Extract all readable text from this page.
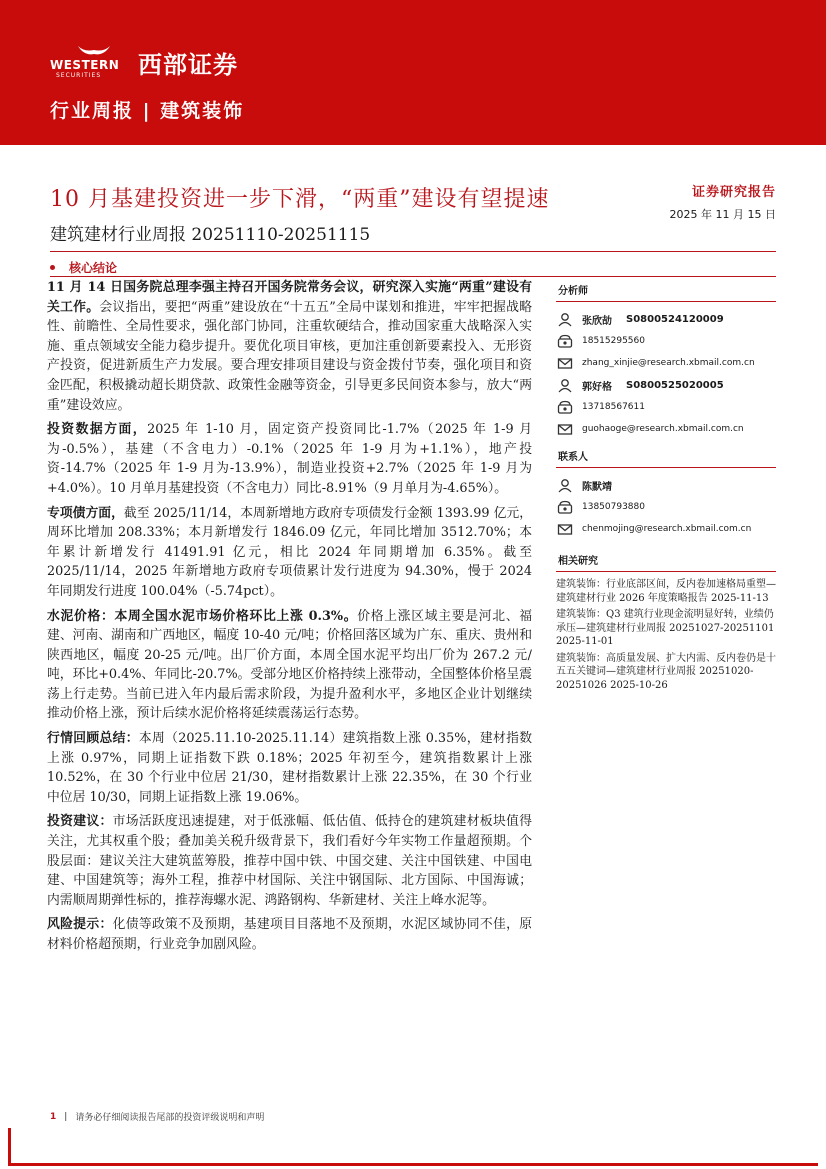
WESTERN
SECURITIES 西部证券
行业周报 | 建筑装饰
10 月基建投资进一步下滑，“两重”建设有望提速
建筑建材行业周报 20251110-20251115
证券研究报告
2025 年 11 月 15 日
核心结论

11 月 14 日国务院总理李强主持召开国务院常务会议，研究深入实施“两重”建设有关工作。会议指出，要把“两重”建设放在“十五五”全局中谋划和推进，牢牢把握战略性、前瞻性、全局性要求，强化部门协同，注重软硬结合，推动国家重大战略深入实施、重点领域安全能力稳步提升。要优化项目审核，更加注重创新要素投入、无形资产投资，促进新质生产力发展。要合理安排项目建设与资金拨付节奏，强化项目和资金匹配，积极撬动超长期贷款、政策性金融等资金，引导更多民间资本参与，放大“两重”建设效应。

投资数据方面，2025 年 1-10 月，固定资产投资同比-1.7%（2025 年 1-9 月为-0.5%），基建（不含电力）-0.1%（2025 年 1-9 月为+1.1%），地产投资-14.7%（2025 年 1-9 月为-13.9%），制造业投资+2.7%（2025 年 1-9 月为+4.0%）。10 月单月基建投资（不含电力）同比-8.91%（9 月单月为-4.65%）。

专项债方面，截至 2025/11/14，本周新增地方政府专项债发行金额 1393.99 亿元，周环比增加 208.33%；本月新增发行 1846.09 亿元，年同比增加 3512.70%；本年累计新增发行 41491.91 亿元，相比 2024 年同期增加 6.35%。截至 2025/11/14，2025 年新增地方政府专项债累计发行进度为 94.30%，慢于 2024 年同期发行进度 100.04%（-5.74pct）。

水泥价格：本周全国水泥市场价格环比上涨 0.3%。价格上涨区域主要是河北、福建、河南、湖南和广西地区，幅度 10-40 元/吨；价格回落区域为广东、重庆、贵州和陕西地区，幅度 20-25 元/吨。出厂价方面，本周全国水泥平均出厂价为 267.2 元/吨，环比+0.4%、年同比-20.7%。受部分地区价格持续上涨带动，全国整体价格呈震荡上行走势。当前已进入年内最后需求阶段，为提升盈利水平，多地区企业计划继续推动价格上涨，预计后续水泥价格将延续震荡运行态势。

行情回顾总结：本周（2025.11.10-2025.11.14）建筑指数上涨 0.35%，建材指数上涨 0.97%，同期上证指数下跌 0.18%；2025 年初至今，建筑指数累计上涨 10.52%，在 30 个行业中位居 21/30，建材指数累计上涨 22.35%，在 30 个行业中位居 10/30，同期上证指数上涨 19.06%。

投资建议：市场活跃度迅速提建，对于低涨幅、低估值、低持仓的建筑建材板块值得关注，尤其权重个股；叠加美关税升级背景下，我们看好今年实物工作量超预期。个股层面：建议关注大建筑蓝筹股，推荐中国中铁、中国交建、关注中国铁建、中国电建、中国建筑等；海外工程，推荐中材国际、关注中钢国际、北方国际、中国海诚；内需顺周期弹性标的，推荐海螺水泥、鸿路钢构、华新建材、关注上峰水泥等。

风险提示：化债等政策不及预期，基建项目目落地不及预期，水泥区域协同不佳，原材料价格超预期，行业竞争加剧风险。

分析师
张欣劼 S0800524120009
18515295560
zhang_xinjie@research.xbmail.com.cn
郭好格 S0800525020005
13718567611
guohaoge@research.xbmail.com.cn
联系人
陈默靖
13850793880
chenmojing@research.xbmail.com.cn
相关研究
建筑装饰：行业底部区间，反内卷加速格局重塑—建筑建材行业 2026 年度策略报告 2025-11-13
建筑装饰：Q3 建筑行业现金流明显好转，业绩仍承压—建筑建材行业周报 20251027-20251101 2025-11-01
建筑装饰：高质量发展、扩大内需、反内卷仍是十五五关键词—建筑建材行业周报 20251020-20251026 2025-10-26
1 | 请务必仔细阅读报告尾部的投资评级说明和声明
